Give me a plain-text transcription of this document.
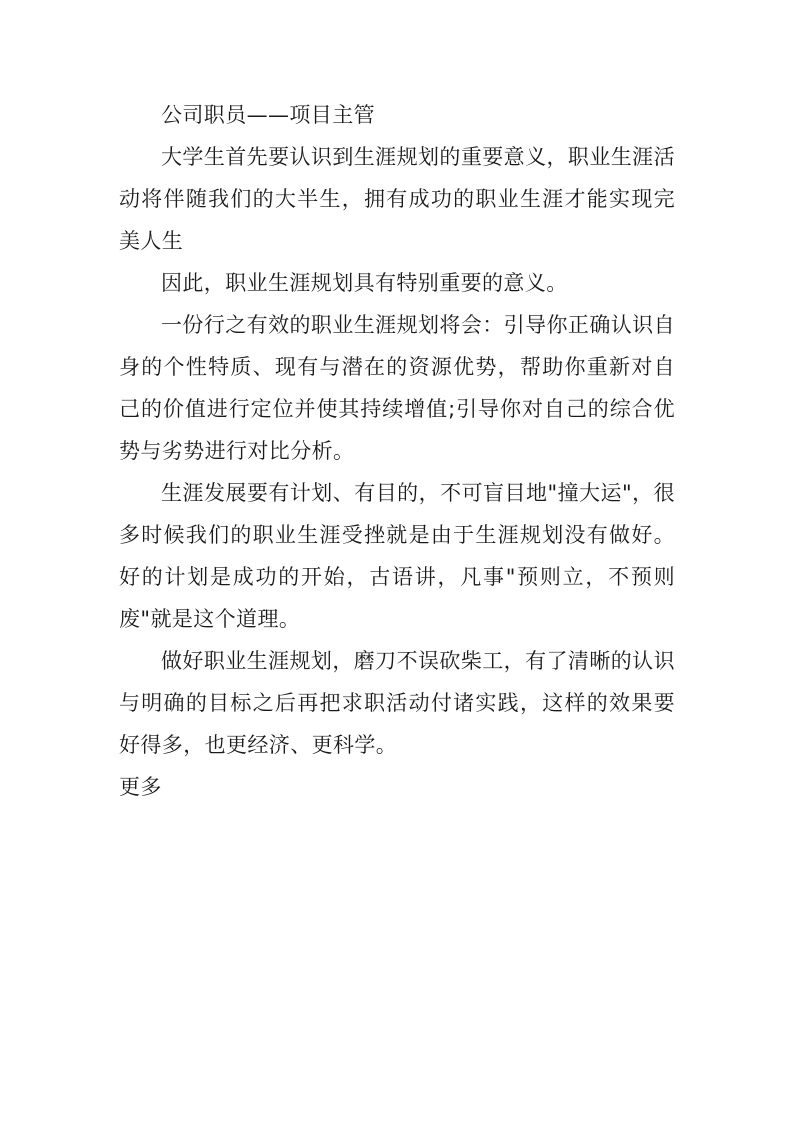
公司职员——项目主管

大学生首先要认识到生涯规划的重要意义，职业生涯活动将伴随我们的大半生，拥有成功的职业生涯才能实现完美人生

因此，职业生涯规划具有特别重要的意义。

一份行之有效的职业生涯规划将会：引导你正确认识自身的个性特质、现有与潜在的资源优势，帮助你重新对自己的价值进行定位并使其持续增值;引导你对自己的综合优势与劣势进行对比分析。

生涯发展要有计划、有目的，不可盲目地"撞大运"，很多时候我们的职业生涯受挫就是由于生涯规划没有做好。好的计划是成功的开始，古语讲，凡事"预则立，不预则废"就是这个道理。

做好职业生涯规划，磨刀不误砍柴工，有了清晰的认识与明确的目标之后再把求职活动付诸实践，这样的效果要好得多，也更经济、更科学。

更多
